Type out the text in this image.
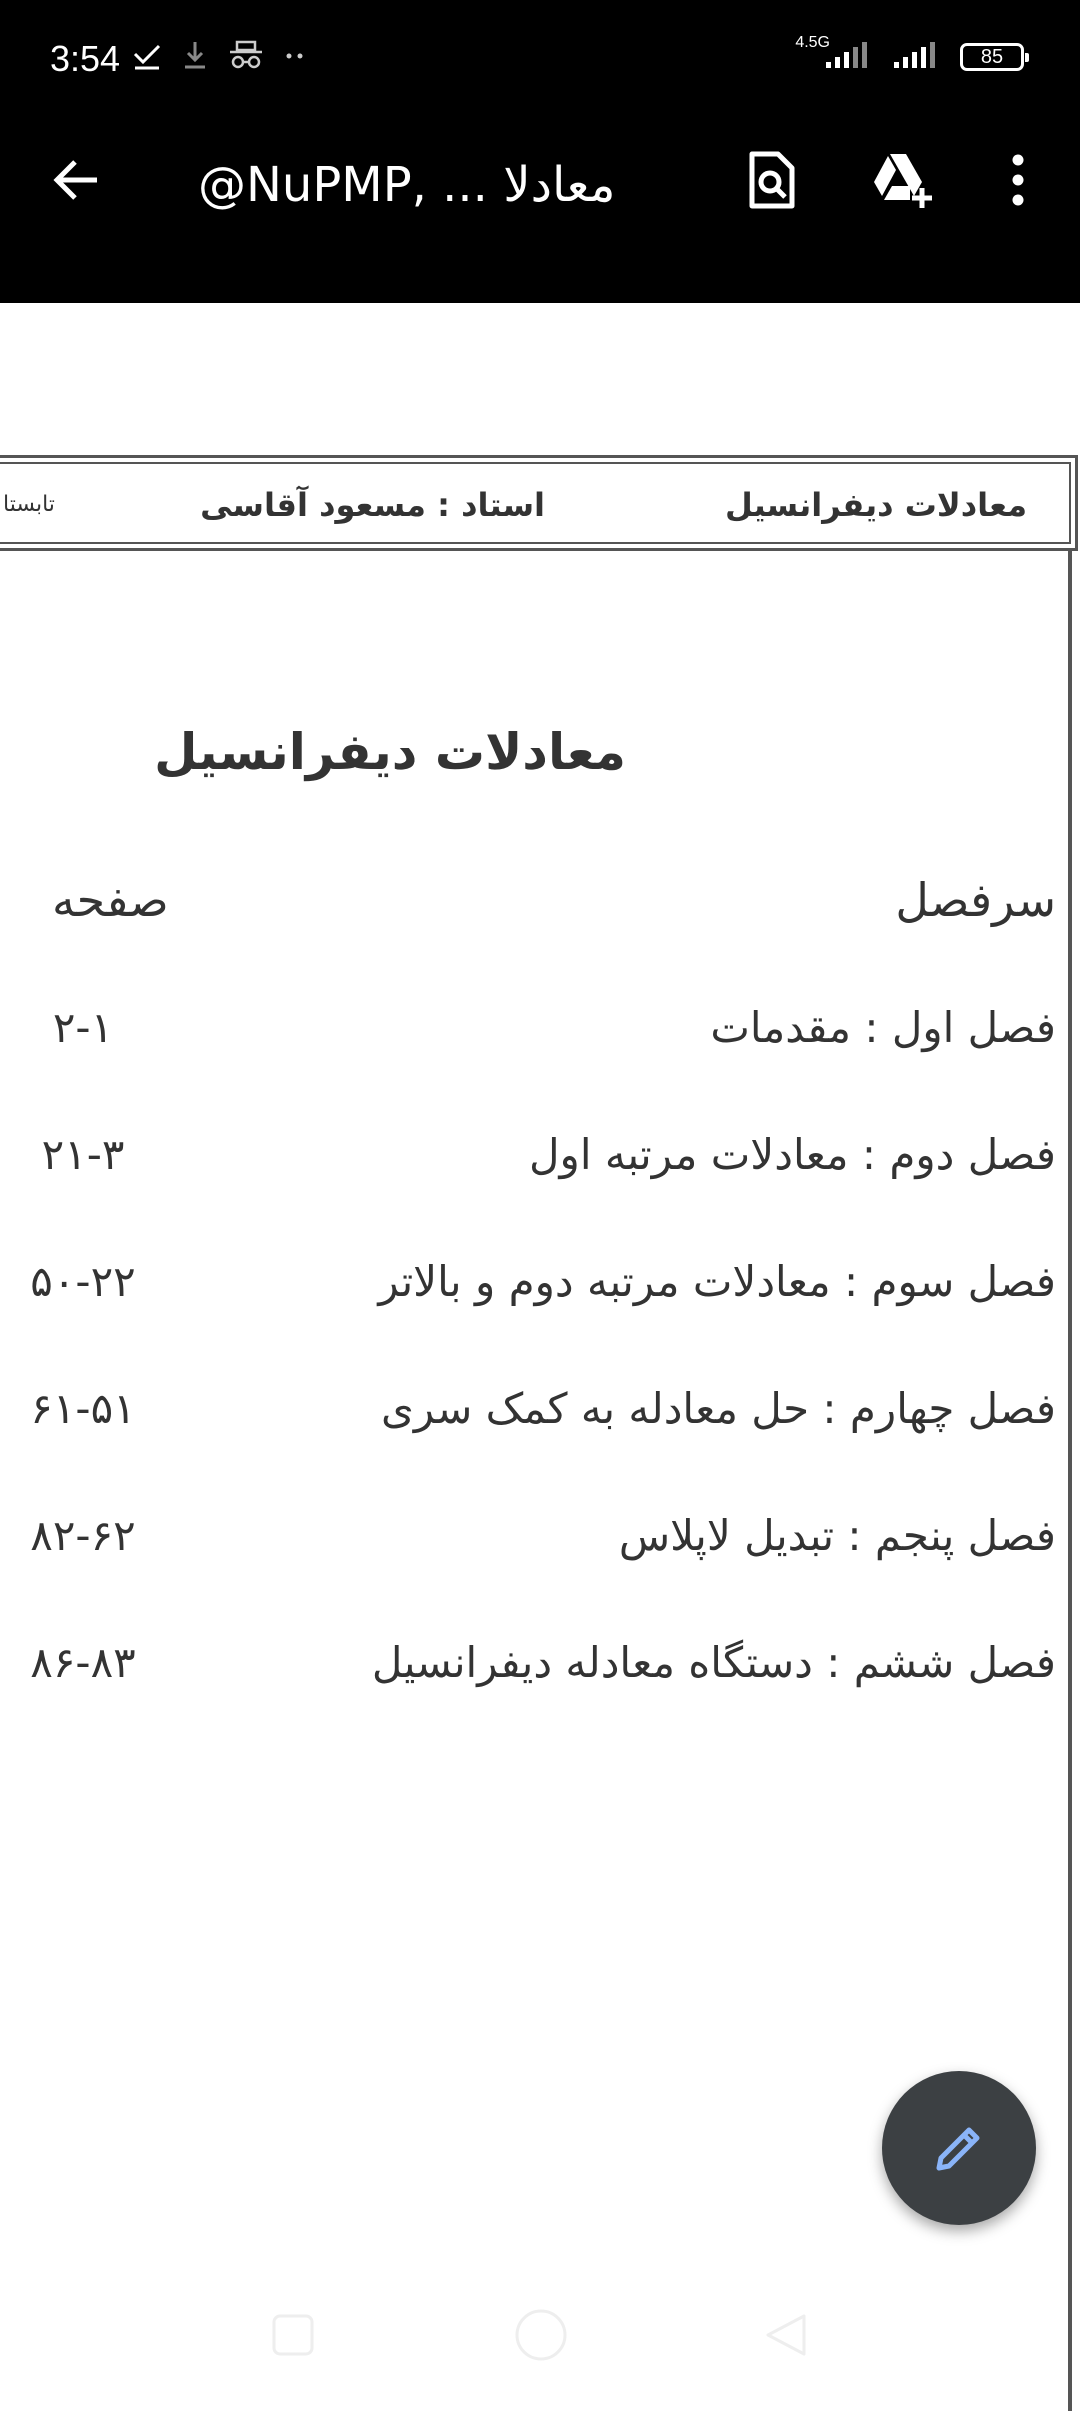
3:54	4.5G
85
@NuPMP, ... معادلا
معادلات دیفرانسیل
استاد : مسعود آقاسی
تابستا
معادلات دیفرانسیل
سرفصل
صفحه
فصل اول : مقدمات
۲-۱
فصل دوم : معادلات مرتبه اول
۲۱-۳
فصل سوم : معادلات مرتبه دوم و بالاتر
۵۰-۲۲
فصل چهارم : حل معادله به کمک سری
۶۱-۵۱
فصل پنجم : تبدیل لاپلاس
۸۲-۶۲
فصل ششم : دستگاه معادله دیفرانسیل
۸۶-۸۳
